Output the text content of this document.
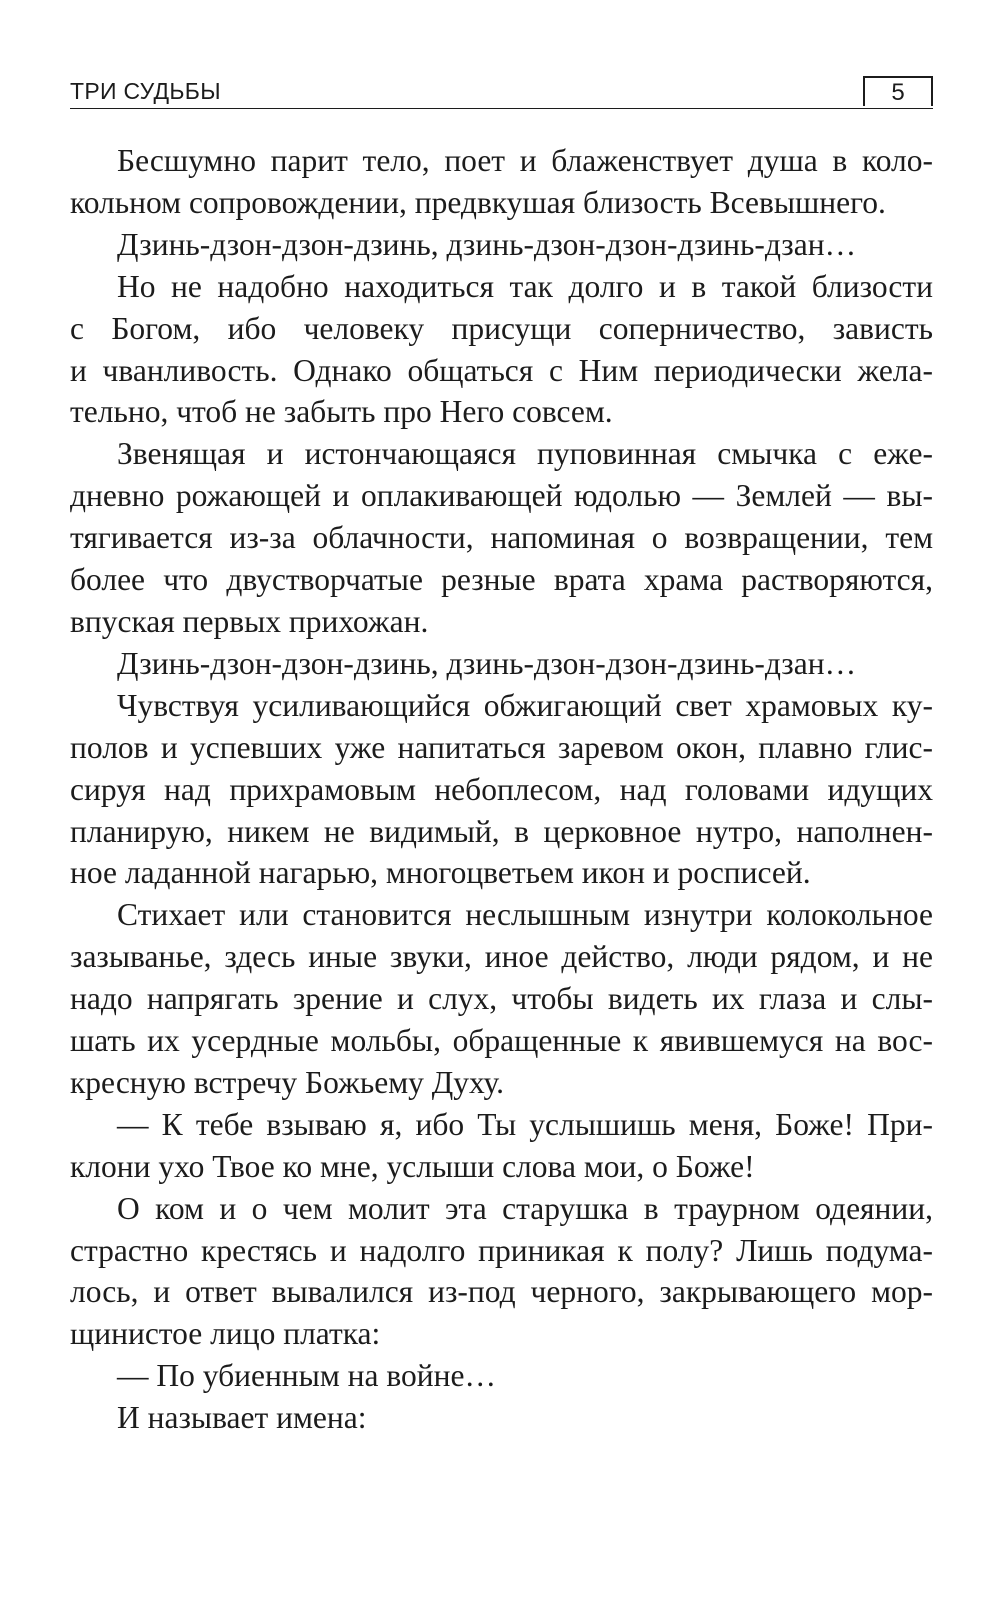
ТРИ СУДЬБЫ	5
Бесшумно парит тело, поет и блаженствует душа в коло-
кольном сопровождении, предвкушая близость Всевышнего.
Дзинь-дзон-дзон-дзинь, дзинь-дзон-дзон-дзинь-дзан…
Но не надобно находиться так долго и в такой близости
с Богом, ибо человеку присущи соперничество, зависть
и чванливость. Однако общаться с Ним периодически жела-
тельно, чтоб не забыть про Него совсем.
Звенящая и истончающаяся пуповинная смычка с еже-
дневно рожающей и оплакивающей юдолью — Землей — вы-
тягивается из-за облачности, напоминая о возвращении, тем
более что двустворчатые резные врата храма растворяются,
впуская первых прихожан.
Дзинь-дзон-дзон-дзинь, дзинь-дзон-дзон-дзинь-дзан…
Чувствуя усиливающийся обжигающий свет храмовых ку-
полов и успевших уже напитаться заревом окон, плавно глис-
сируя над прихрамовым небоплесом, над головами идущих
планирую, никем не видимый, в церковное нутро, наполнен-
ное ладанной нагарью, многоцветьем икон и росписей.
Стихает или становится неслышным изнутри колокольное
зазыванье, здесь иные звуки, иное действо, люди рядом, и не
надо напрягать зрение и слух, чтобы видеть их глаза и слы-
шать их усердные мольбы, обращенные к явившемуся на вос-
кресную встречу Божьему Духу.
— К тебе взываю я, ибо Ты услышишь меня, Боже! При-
клони ухо Твое ко мне, услыши слова мои, о Боже!
О ком и о чем молит эта старушка в траурном одеянии,
страстно крестясь и надолго приникая к полу? Лишь подума-
лось, и ответ вывалился из-под черного, закрывающего мор-
щинистое лицо платка:
— По убиенным на войне…
И называет имена:
